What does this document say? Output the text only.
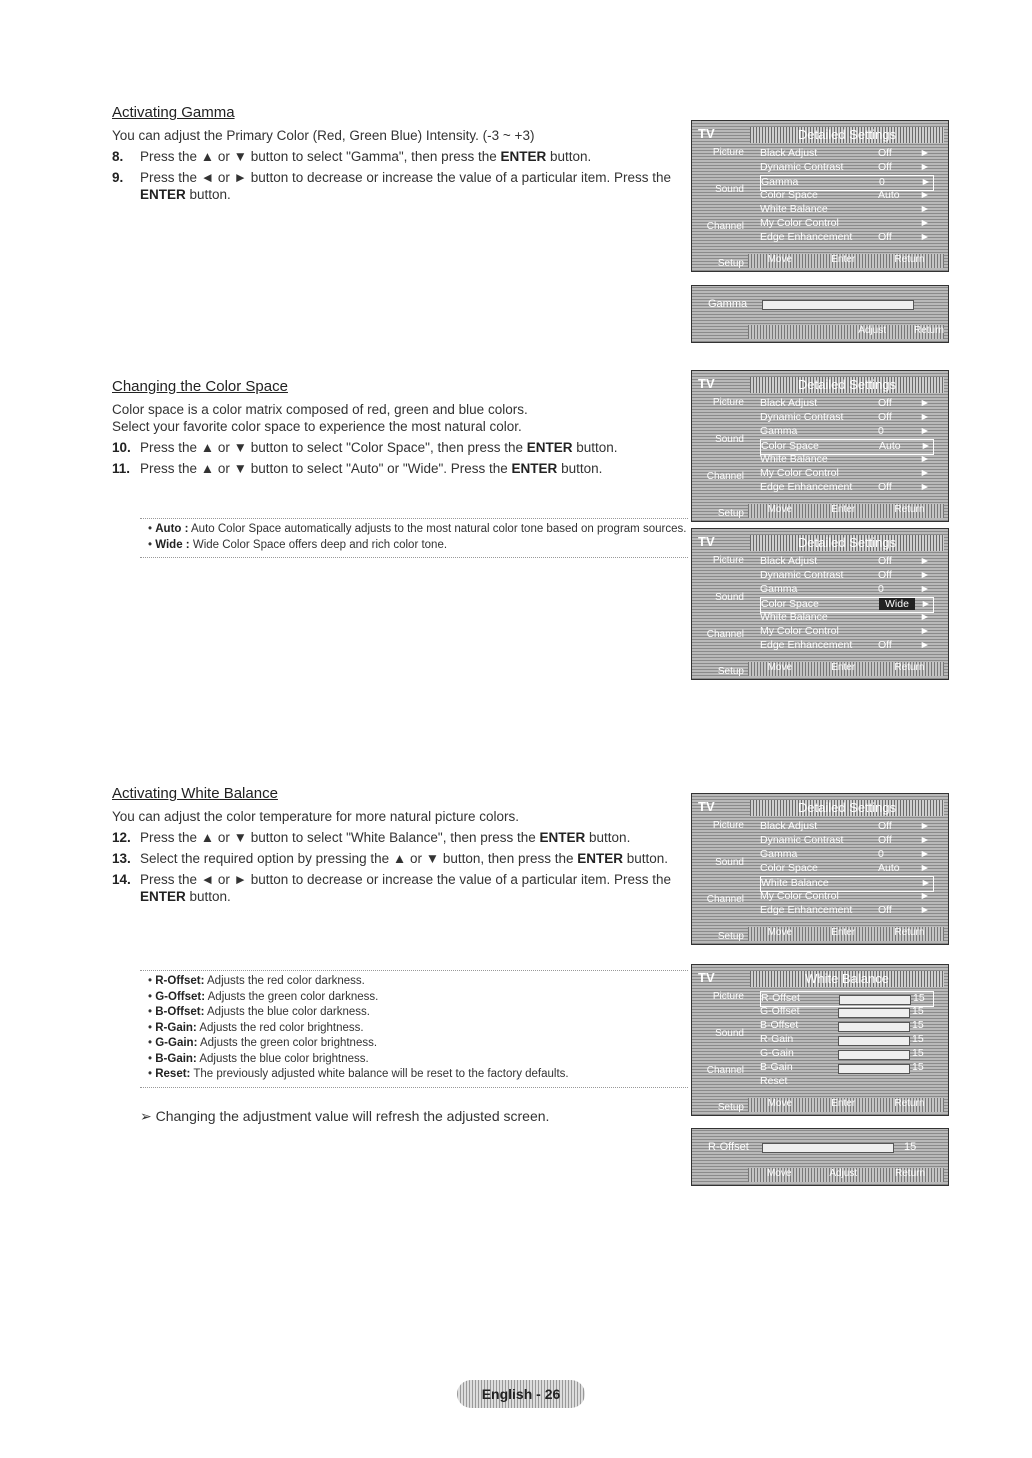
Activating Gamma

You can adjust the Primary Color (Red, Green Blue) Intensity. (-3 ~ +3)

8.	Press the ▲ or ▼ button to select "Gamma", then press the ENTER button.
9.	Press the ◄ or ► button to decrease or increase the value of a particular item. Press the ENTER button.
Changing the Color Space

Color space is a color matrix composed of red, green and blue colors.

Select your favorite color space to experience the most natural color.

10. Press the ▲ or ▼ button to select "Color Space", then press the ENTER button.
11. Press the ▲ or ▼ button to select "Auto" or "Wide". Press the ENTER button.
• Auto : Auto Color Space automatically adjusts to the most natural color tone based on program sources.
• Wide : Wide Color Space offers deep and rich color tone.
Activating White Balance

You can adjust the color temperature for more natural picture colors.

12. Press the ▲ or ▼ button to select "White Balance", then press the ENTER button.
13. Select the required option by pressing the ▲ or ▼ button, then press the ENTER button.
14. Press the ◄ or ► button to decrease or increase the value of a particular item. Press the ENTER button.
• R-Offset: Adjusts the red color darkness.
• G-Offset: Adjusts the green color darkness.
• B-Offset: Adjusts the blue color darkness.
• R-Gain: Adjusts the red color brightness.
• G-Gain: Adjusts the green color brightness.
• B-Gain: Adjusts the blue color brightness.
• Reset: The previously adjusted white balance will be reset to the factory defaults.
➢ Changing the adjustment value will refresh the adjusted screen.
TV	Detailed Settings
Picture
Sound
Channel
Setup
Black Adjust	Off	►
Dynamic Contrast	Off	►
Gamma	0	►
Color Space	Auto ►
White Balance	►
My Color Control	►
Edge Enhancement Off	►
Move	Enter	Return
Gamma
Adjust	Return
TV	Detailed Settings
Picture
Sound
Channel
Setup
Black Adjust	Off	►
Dynamic Contrast	Off	►
Gamma	0	►
Color Space	Auto ►
White Balance	►
My Color Control	►
Edge Enhancement Off	►
Move	Enter	Return
TV	Detailed Settings
Picture
Sound
Channel
Setup
Black Adjust	Off	►
Dynamic Contrast	Off	►
Gamma	0	►
Color Space	Wide	►
White Balance	►
My Color Control	►
Edge Enhancement Off	►
Move	Enter	Return
TV	Detailed Settings
Picture
Sound
Channel
Setup
Black Adjust	Off	►
Dynamic Contrast	Off	►
Gamma	0	►
Color Space	Auto ►
White Balance	►
My Color Control	►
Edge Enhancement Off	►
Move	Enter	Return
TV	White Balance
Picture
Sound
Channel
Setup
R-Offset	15
G-Offset	15
B-Offset	15
R-Gain	15
G-Gain	15
B-Gain	15
Reset
Move	Enter	Return
R-Offset	15
Move	Adjust	Return
English - 26
